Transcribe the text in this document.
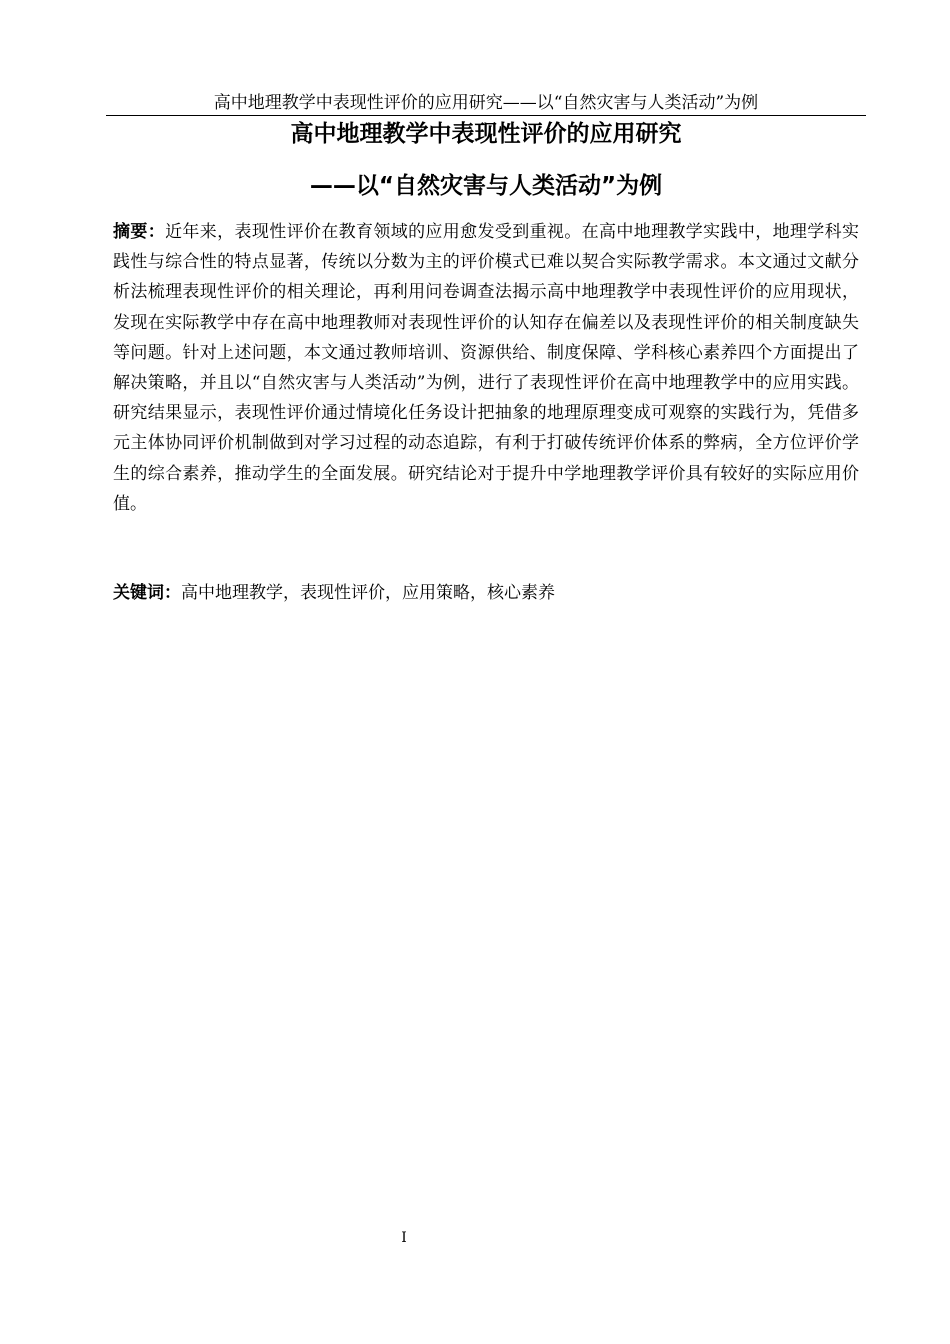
高中地理教学中表现性评价的应用研究——以“自然灾害与人类活动”为例
高中地理教学中表现性评价的应用研究
——以“自然灾害与人类活动”为例

摘要：近年来，表现性评价在教育领域的应用愈发受到重视。在高中地理教学实践中，地理学科实践性与综合性的特点显著，传统以分数为主的评价模式已难以契合实际教学需求。本文通过文献分析法梳理表现性评价的相关理论，再利用问卷调查法揭示高中地理教学中表现性评价的应用现状，发现在实际教学中存在高中地理教师对表现性评价的认知存在偏差以及表现性评价的相关制度缺失等问题。针对上述问题，本文通过教师培训、资源供给、制度保障、学科核心素养四个方面提出了解决策略，并且以“自然灾害与人类活动”为例，进行了表现性评价在高中地理教学中的应用实践。研究结果显示，表现性评价通过情境化任务设计把抽象的地理原理变成可观察的实践行为，凭借多元主体协同评价机制做到对学习过程的动态追踪，有利于打破传统评价体系的弊病，全方位评价学生的综合素养，推动学生的全面发展。研究结论对于提升中学地理教学评价具有较好的实际应用价值。

关键词：高中地理教学，表现性评价，应用策略，核心素养

I
